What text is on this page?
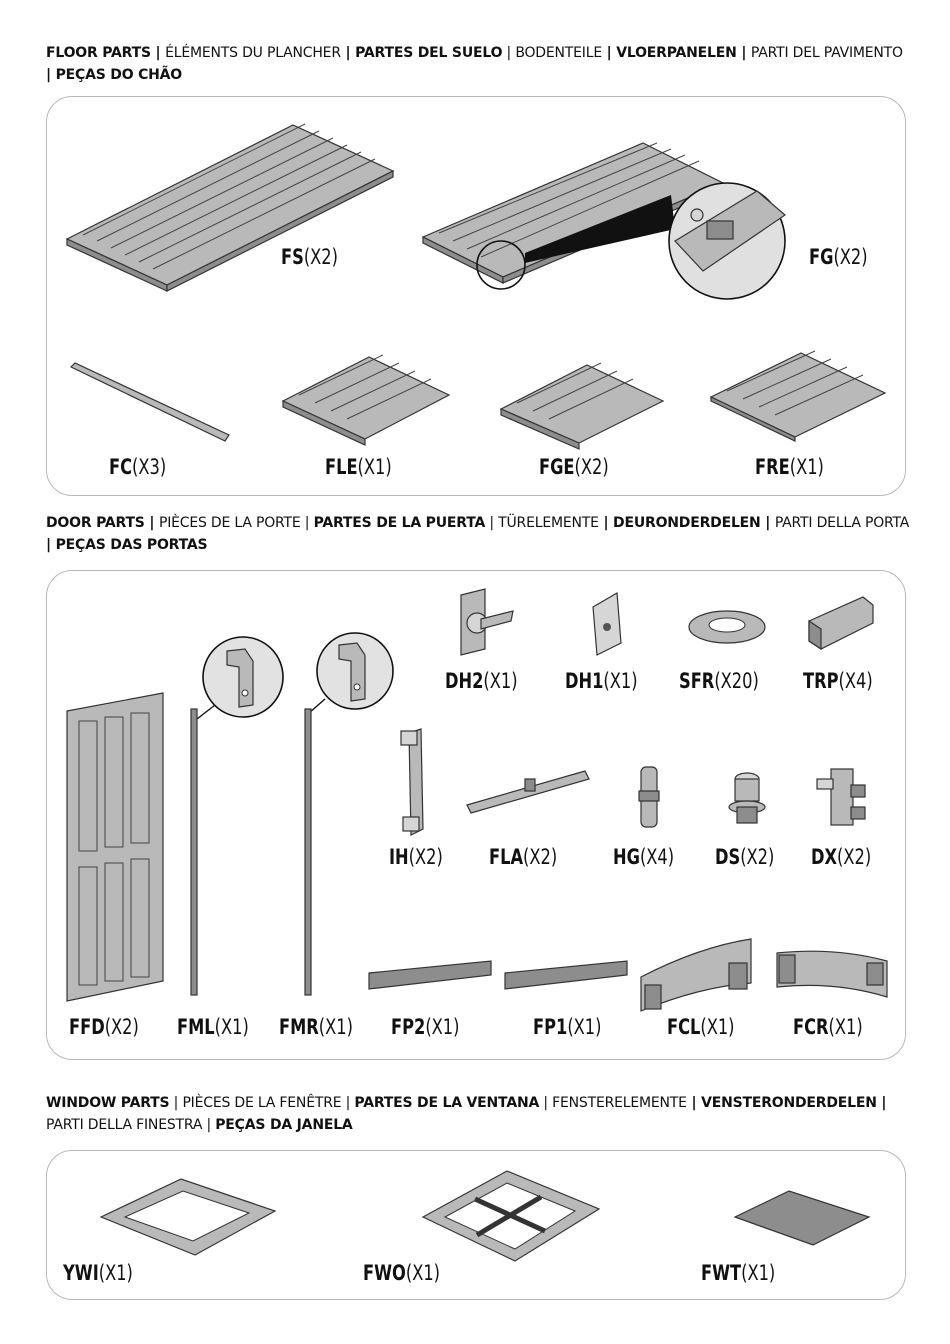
FLOOR PARTS | ÉLÉMENTS DU PLANCHER | PARTES DEL SUELO | BODENTEILE | VLOERPANELEN | PARTI DEL PAVIMENTO
| PEÇAS DO CHÃO
FS(X2)	FG(X2)
FC(X3)	FLE(X1)	FGE(X2)	FRE(X1)
DOOR PARTS | PIÈCES DE LA PORTE | PARTES DE LA PUERTA | TÜRELEMENTE | DEURONDERDELEN | PARTI DELLA PORTA
| PEÇAS DAS PORTAS
FFD(X2) FML(X1) FMR(X1)
DH2(X1) DH1(X1) SFR(X20) TRP(X4)
IH(X2) FLA(X2)	HG(X4) DS(X2) DX(X2)
FP2(X1)	FP1(X1)	FCL(X1)	FCR(X1)
WINDOW PARTS | PIÈCES DE LA FENÊTRE | PARTES DE LA VENTANA | FENSTERELEMENTE | VENSTERONDERDELEN |
PARTI DELLA FINESTRA | PEÇAS DA JANELA
YWI(X1)	FWO(X1)	FWT(X1)
